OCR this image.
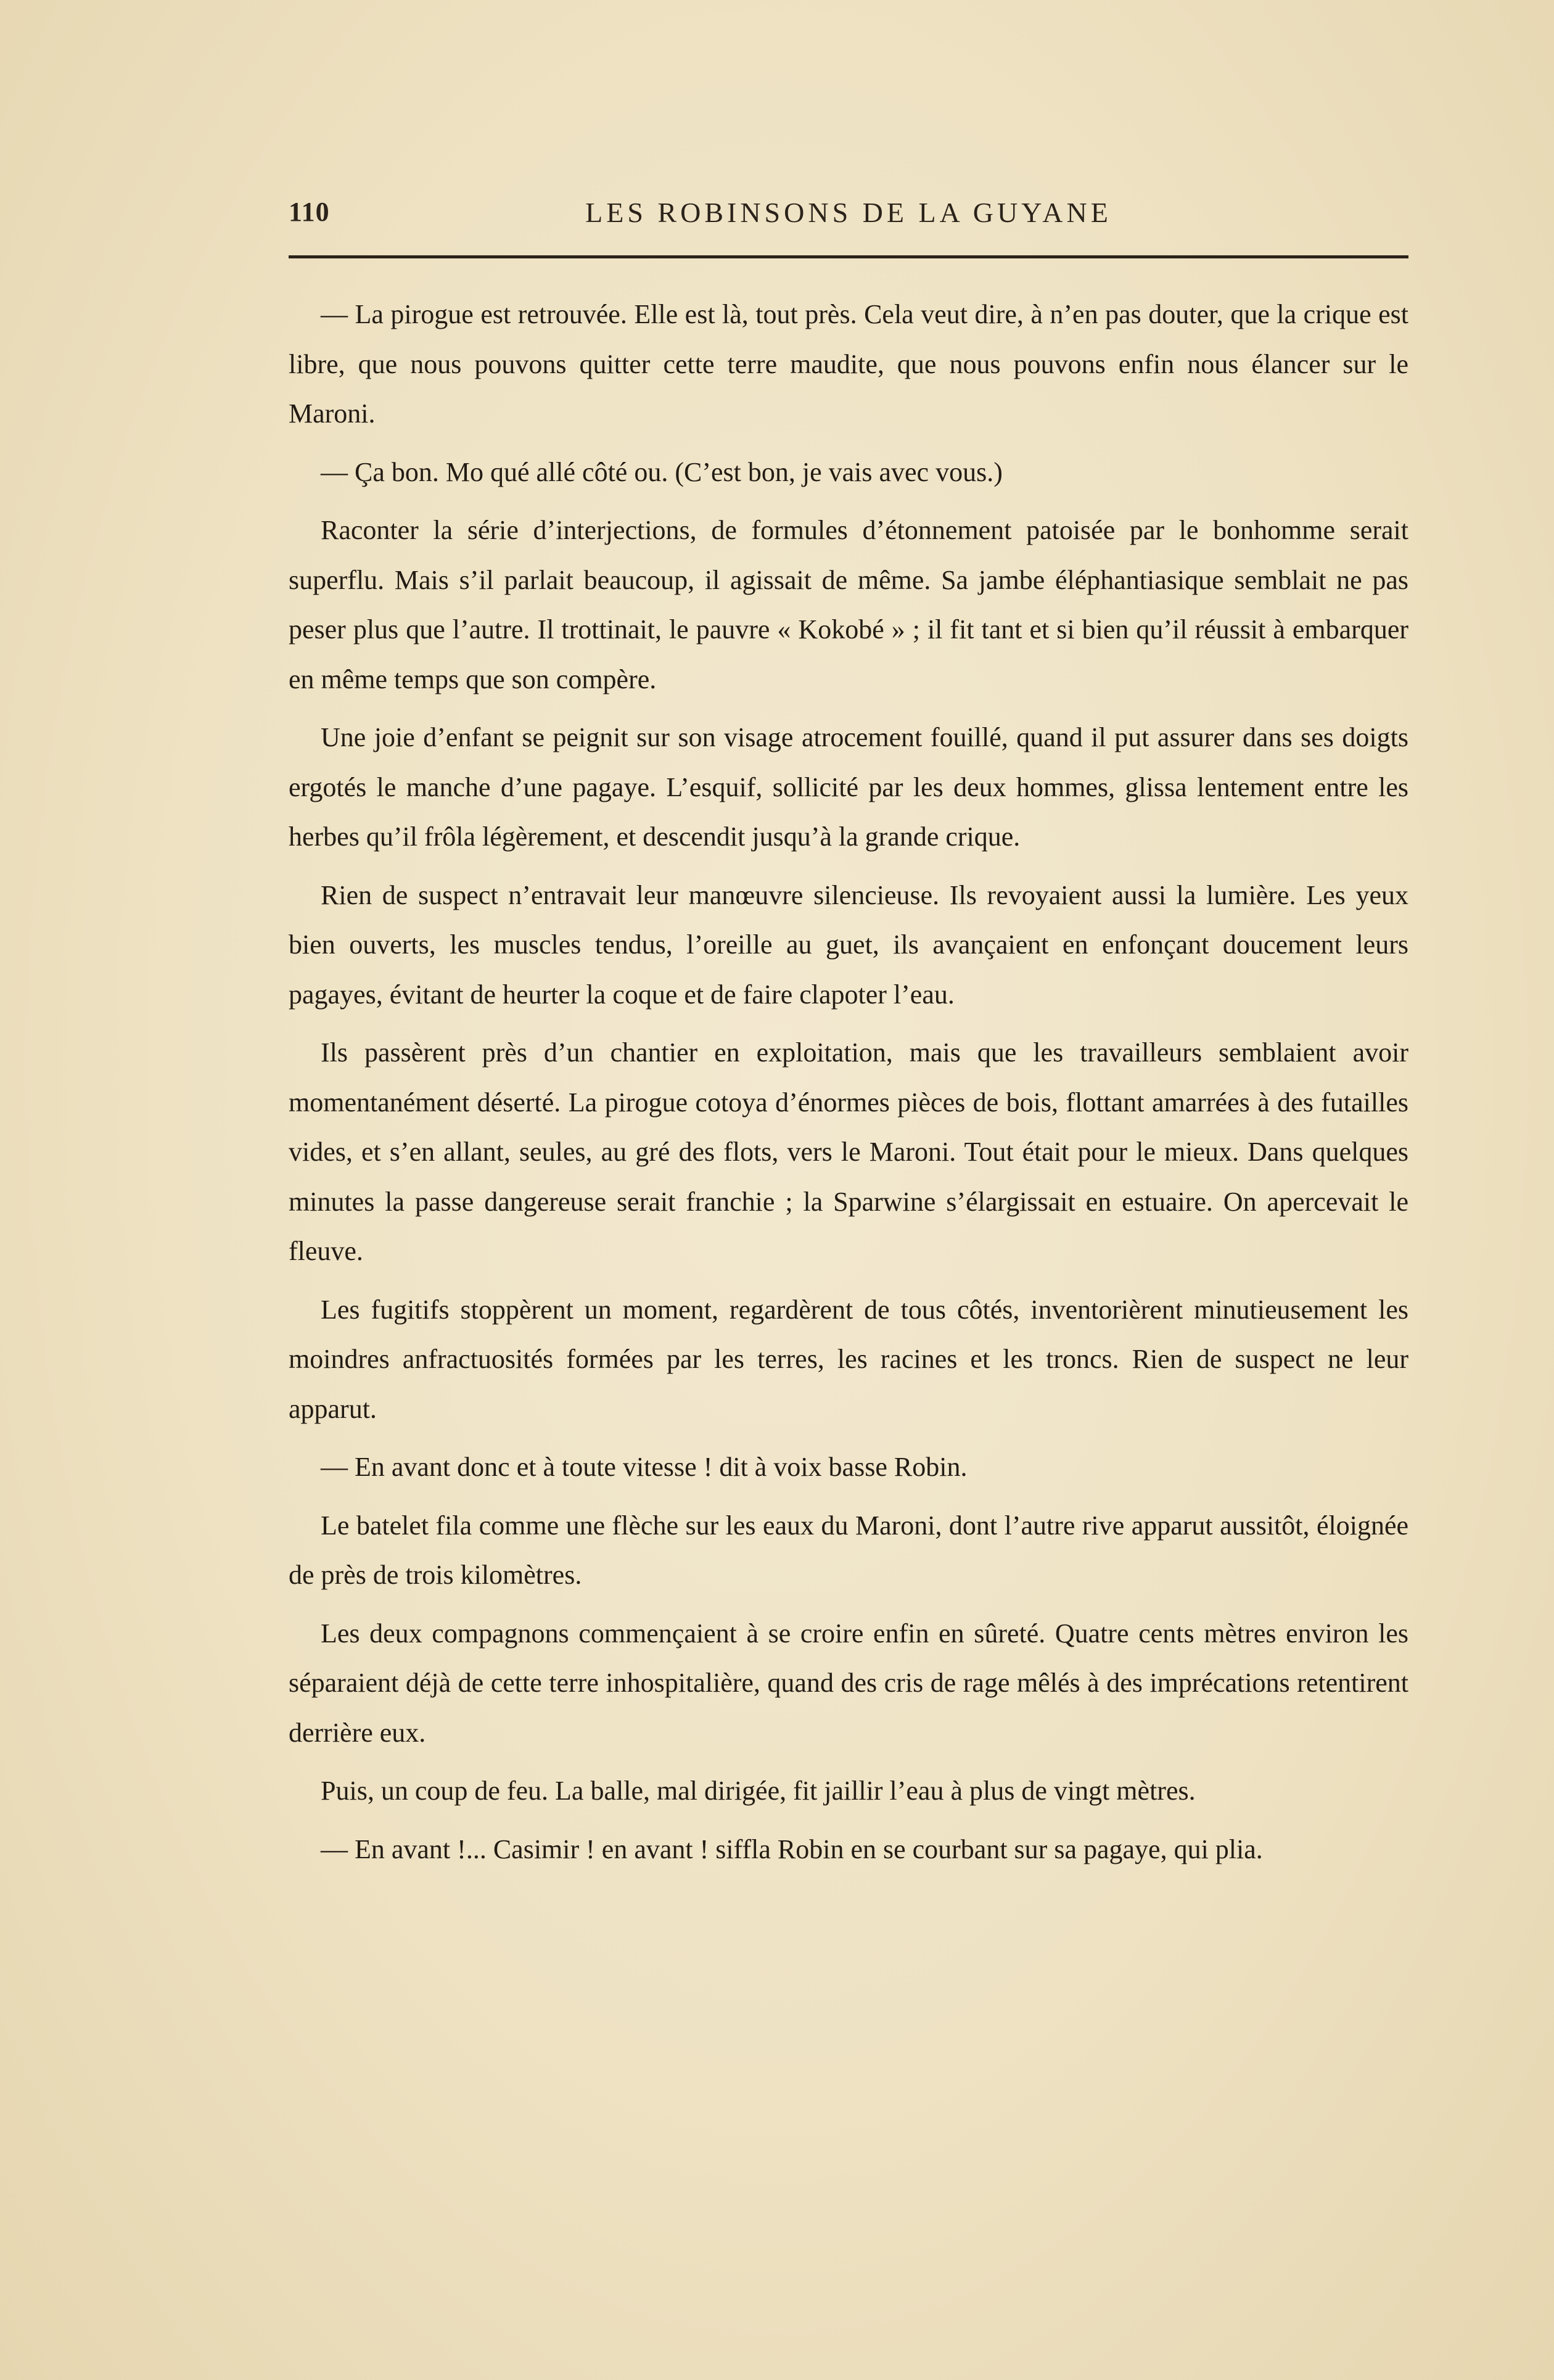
110	LES ROBINSONS DE LA GUYANE

— La pirogue est retrouvée. Elle est là, tout près. Cela veut dire, à n’en pas douter, que la crique est libre, que nous pouvons quitter cette terre maudite, que nous pouvons enfin nous élancer sur le Maroni.

— Ça bon. Mo qué allé côté ou. (C’est bon, je vais avec vous.)

Raconter la série d’interjections, de formules d’étonnement patoisée par le bonhomme serait superflu. Mais s’il parlait beaucoup, il agissait de même. Sa jambe éléphantiasique semblait ne pas peser plus que l’autre. Il trottinait, le pauvre « Kokobé » ; il fit tant et si bien qu’il réussit à embarquer en même temps que son compère.

Une joie d’enfant se peignit sur son visage atrocement fouillé, quand il put assurer dans ses doigts ergotés le manche d’une pagaye. L’esquif, sollicité par les deux hommes, glissa lentement entre les herbes qu’il frôla légèrement, et descendit jusqu’à la grande crique.

Rien de suspect n’entravait leur manœuvre silencieuse. Ils revoyaient aussi la lumière. Les yeux bien ouverts, les muscles tendus, l’oreille au guet, ils avançaient en enfonçant doucement leurs pagayes, évitant de heurter la coque et de faire clapoter l’eau.

Ils passèrent près d’un chantier en exploitation, mais que les travailleurs semblaient avoir momentanément déserté. La pirogue cotoya d’énormes pièces de bois, flottant amarrées à des futailles vides, et s’en allant, seules, au gré des flots, vers le Maroni. Tout était pour le mieux. Dans quelques minutes la passe dangereuse serait franchie ; la Sparwine s’élargissait en estuaire. On apercevait le fleuve.

Les fugitifs stoppèrent un moment, regardèrent de tous côtés, inventorièrent minutieusement les moindres anfractuosités formées par les terres, les racines et les troncs. Rien de suspect ne leur apparut.

— En avant donc et à toute vitesse ! dit à voix basse Robin.

Le batelet fila comme une flèche sur les eaux du Maroni, dont l’autre rive apparut aussitôt, éloignée de près de trois kilomètres.

Les deux compagnons commençaient à se croire enfin en sûreté. Quatre cents mètres environ les séparaient déjà de cette terre inhospitalière, quand des cris de rage mêlés à des imprécations retentirent derrière eux.

Puis, un coup de feu. La balle, mal dirigée, fit jaillir l’eau à plus de vingt mètres.

— En avant !... Casimir ! en avant ! siffla Robin en se courbant sur sa pagaye, qui plia.
